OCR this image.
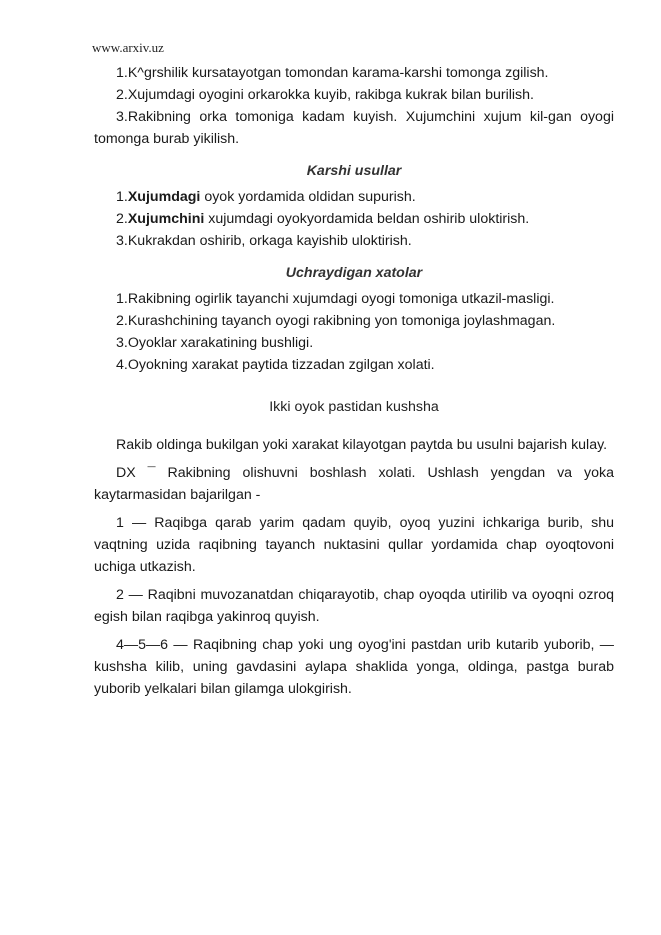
www.arxiv.uz

1.K^grshilik kursatayotgan tomondan karama-karshi tomonga zgilish.

2.Xujumdagi oyogini orkarokka kuyib, rakibga kukrak bilan burilish.

3.Rakibning orka tomoniga kadam kuyish. Xujumchini xujum kil-gan oyogi tomonga burab yikilish.

Karshi usullar

1.Xujumdagi oyok yordamida oldidan supurish.

2.Xujumchini xujumdagi oyokyordamida beldan oshirib uloktirish.

3.Kukrakdan oshirib, orkaga kayishib uloktirish.

Uchraydigan xatolar

1.Rakibning ogirlik tayanchi xujumdagi oyogi tomoniga utkazil-masligi.

2.Kurashchining tayanch oyogi rakibning yon tomoniga joylashmagan.

3.Oyoklar xarakatining bushligi.

4.Oyokning xarakat paytida tizzadan zgilgan xolati.

Ikki oyok pastidan kushsha

Rakib oldinga bukilgan yoki xarakat kilayotgan paytda bu usulni bajarish kulay.

DX ¯ Rakibning olishuvni boshlash xolati. Ushlash yengdan va yoka kaytarmasidan bajarilgan -

1 — Raqibga qarab yarim qadam quyib, oyoq yuzini ichkariga burib, shu vaqtning uzida raqibning tayanch nuktasini qullar yordamida chap oyoqtovoni uchiga utkazish.

2 — Raqibni muvozanatdan chiqarayotib, chap oyoqda utirilib va oyoqni ozroq egish bilan raqibga yakinroq quyish.

4—5—6 — Raqibning chap yoki ung oyog'ini pastdan urib kutarib yuborib, — kushsha kilib, uning gavdasini aylapa shaklida yonga, oldinga, pastga burab yuborib yelkalari bilan gilamga ulokgirish.
